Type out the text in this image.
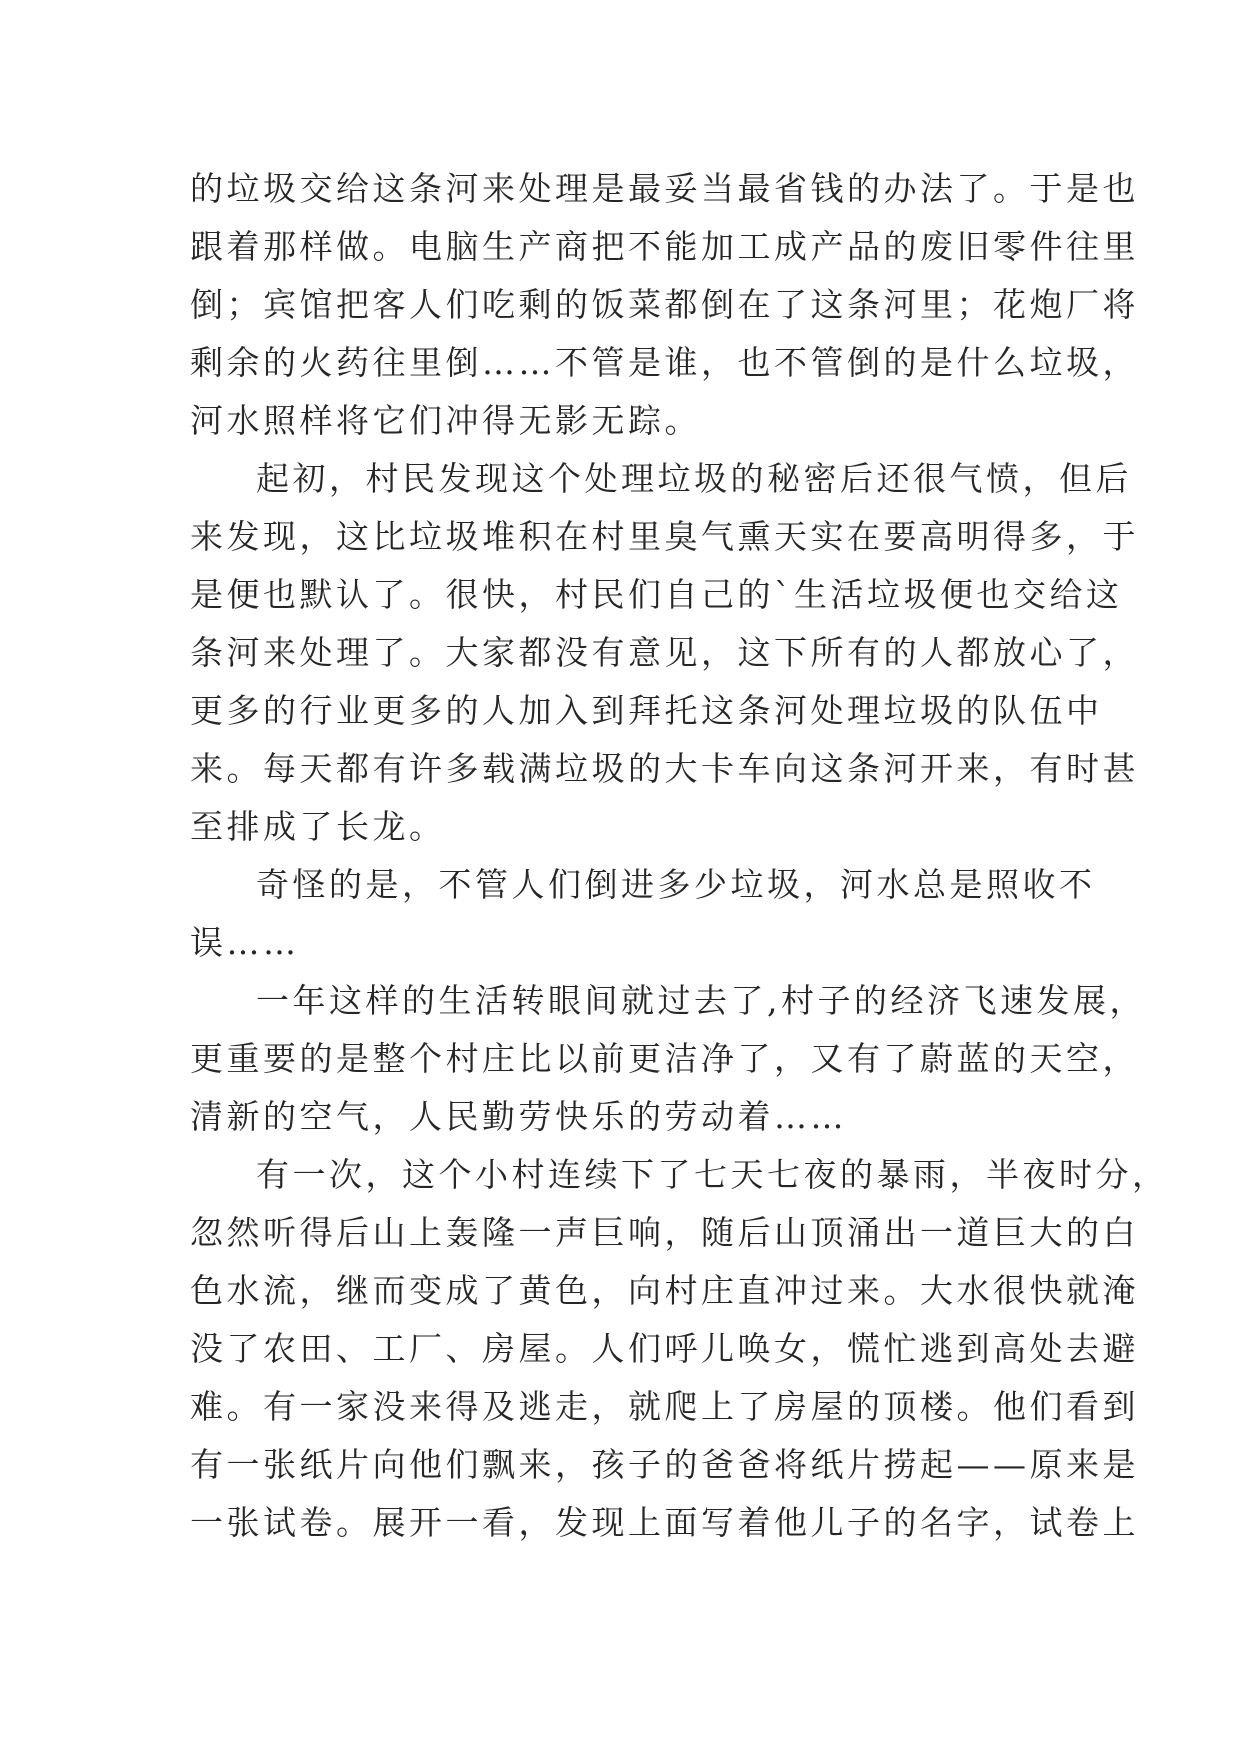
的垃圾交给这条河来处理是最妥当最省钱的办法了。于是也
跟着那样做。电脑生产商把不能加工成产品的废旧零件往里
倒；宾馆把客人们吃剩的饭菜都倒在了这条河里；花炮厂将
剩余的火药往里倒……不管是谁，也不管倒的是什么垃圾，
河水照样将它们冲得无影无踪。
起初，村民发现这个处理垃圾的秘密后还很气愤，但后
来发现，这比垃圾堆积在村里臭气熏天实在要高明得多，于
是便也默认了。很快，村民们自己的`生活垃圾便也交给这
条河来处理了。大家都没有意见，这下所有的人都放心了，
更多的行业更多的人加入到拜托这条河处理垃圾的队伍中
来。每天都有许多载满垃圾的大卡车向这条河开来，有时甚
至排成了长龙。
奇怪的是，不管人们倒进多少垃圾，河水总是照收不
误……
一年这样的生活转眼间就过去了,村子的经济飞速发展，
更重要的是整个村庄比以前更洁净了，又有了蔚蓝的天空，
清新的空气，人民勤劳快乐的劳动着……
有一次，这个小村连续下了七天七夜的暴雨，半夜时分，
忽然听得后山上轰隆一声巨响，随后山顶涌出一道巨大的白
色水流，继而变成了黄色，向村庄直冲过来。大水很快就淹
没了农田、工厂、房屋。人们呼儿唤女，慌忙逃到高处去避
难。有一家没来得及逃走，就爬上了房屋的顶楼。他们看到
有一张纸片向他们飘来，孩子的爸爸将纸片捞起——原来是
一张试卷。展开一看，发现上面写着他儿子的名字，试卷上
